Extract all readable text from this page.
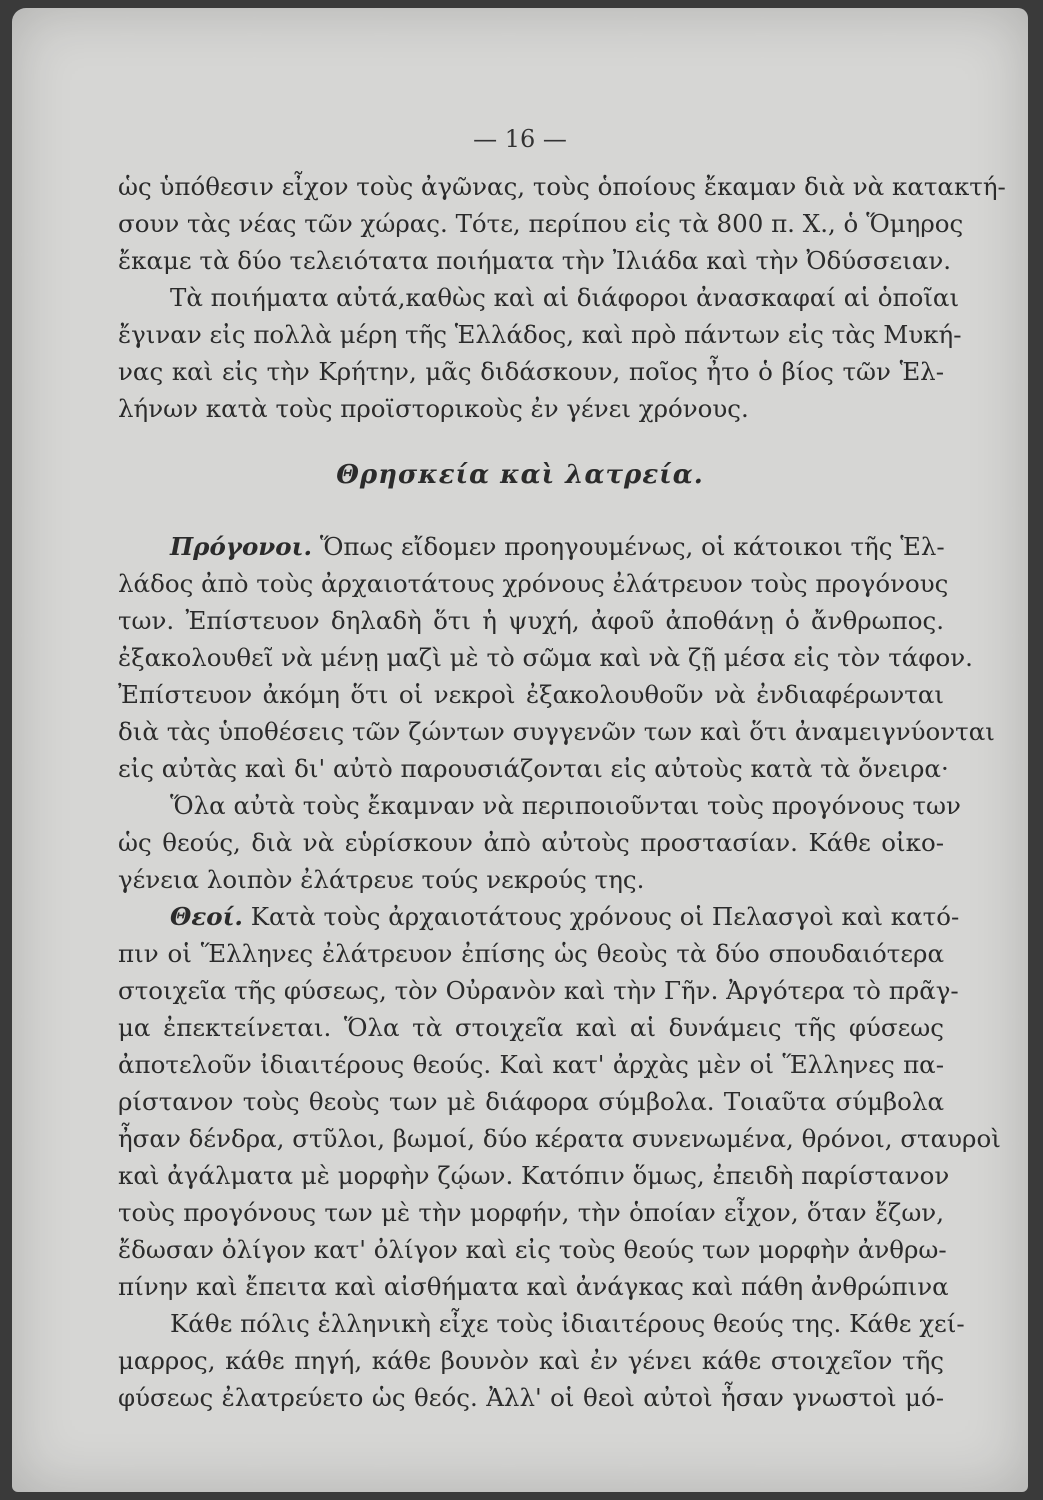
— 16 —

ὡς ὑπόθεσιν εἶχον τοὺς ἀγῶνας, τοὺς ὁποίους ἔκαμαν διὰ νὰ κατακτή-
σουν τὰς νέας τῶν χώρας. Τότε, περίπου εἰς τὰ 800 π. Χ., ὁ Ὅμηρος
ἔκαμε τὰ δύο τελειότατα ποιήματα τὴν Ἰλιάδα καὶ τὴν Ὀδύσσειαν.

Τὰ ποιήματα αὐτά,καθὼς καὶ αἱ διάφοροι ἀνασκαφαί αἱ ὁποῖαι
ἔγιναν εἰς πολλὰ μέρη τῆς Ἑλλάδος, καὶ πρὸ πάντων εἰς τὰς Μυκή-
νας καὶ εἰς τὴν Κρήτην, μᾶς διδάσκουν, ποῖος ἦτο ὁ βίος τῶν Ἑλ-
λήνων κατὰ τοὺς προϊστορικοὺς ἐν γένει χρόνους.

Θρησκεία καὶ λατρεία.

Πρόγονοι. Ὅπως εἴδομεν προηγουμένως, οἱ κάτοικοι τῆς Ἑλ-
λάδος ἀπὸ τοὺς ἀρχαιοτάτους χρόνους ἐλάτρευον τοὺς προγόνους
των. Ἐπίστευον δηλαδὴ ὅτι ἡ ψυχή, ἀφοῦ ἀποθάνῃ ὁ ἄνθρωπος.
ἐξακολουθεῖ νὰ μένῃ μαζὶ μὲ τὸ σῶμα καὶ νὰ ζῇ μέσα εἰς τὸν τάφον.
Ἐπίστευον ἀκόμη ὅτι οἱ νεκροὶ ἐξακολουθοῦν νὰ ἐνδιαφέρωνται
διὰ τὰς ὑποθέσεις τῶν ζώντων συγγενῶν των καὶ ὅτι ἀναμειγνύονται
εἰς αὐτὰς καὶ δι' αὐτὸ παρουσιάζονται εἰς αὐτοὺς κατὰ τὰ ὄνειρα·
Ὅλα αὐτὰ τοὺς ἔκαμναν νὰ περιποιοῦνται τοὺς προγόνους των
ὡς θεούς, διὰ νὰ εὑρίσκουν ἀπὸ αὐτοὺς προστασίαν. Κάθε οἰκο-
γένεια λοιπὸν ἐλάτρευε τούς νεκρούς της.
Θεοί. Κατὰ τοὺς ἀρχαιοτάτους χρόνους οἱ Πελασγοὶ καὶ κατό-
πιν οἱ Ἕλληνες ἐλάτρευον ἐπίσης ὡς θεοὺς τὰ δύο σπουδαιότερα
στοιχεῖα τῆς φύσεως, τὸν Οὐρανὸν καὶ τὴν Γῆν. Ἀργότερα τὸ πρᾶγ-
μα ἐπεκτείνεται. Ὅλα τὰ στοιχεῖα καὶ αἱ δυνάμεις τῆς φύσεως
ἀποτελοῦν ἰδιαιτέρους θεούς. Καὶ κατ' ἀρχὰς μὲν οἱ Ἕλληνες πα-
ρίστανον τοὺς θεοὺς των μὲ διάφορα σύμβολα. Τοιαῦτα σύμβολα
ἦσαν δένδρα, στῦλοι, βωμοί, δύο κέρατα συνενωμένα, θρόνοι, σταυροὶ
καὶ ἀγάλματα μὲ μορφὴν ζῴων. Κατόπιν ὅμως, ἐπειδὴ παρίστανον
τοὺς προγόνους των μὲ τὴν μορφήν, τὴν ὁποίαν εἶχον, ὅταν ἔζων,
ἔδωσαν ὀλίγον κατ' ὀλίγον καὶ εἰς τοὺς θεούς των μορφὴν ἀνθρω-
πίνην καὶ ἔπειτα καὶ αἰσθήματα καὶ ἀνάγκας καὶ πάθη ἀνθρώπινα
Κάθε πόλις ἑλληνικὴ εἶχε τοὺς ἰδιαιτέρους θεούς της. Κάθε χεί-
μαρρος, κάθε πηγή, κάθε βουνὸν καὶ ἐν γένει κάθε στοιχεῖον τῆς
φύσεως ἐλατρεύετο ὡς θεός. Ἀλλ' οἱ θεοὶ αὐτοὶ ἦσαν γνωστοὶ μό-
